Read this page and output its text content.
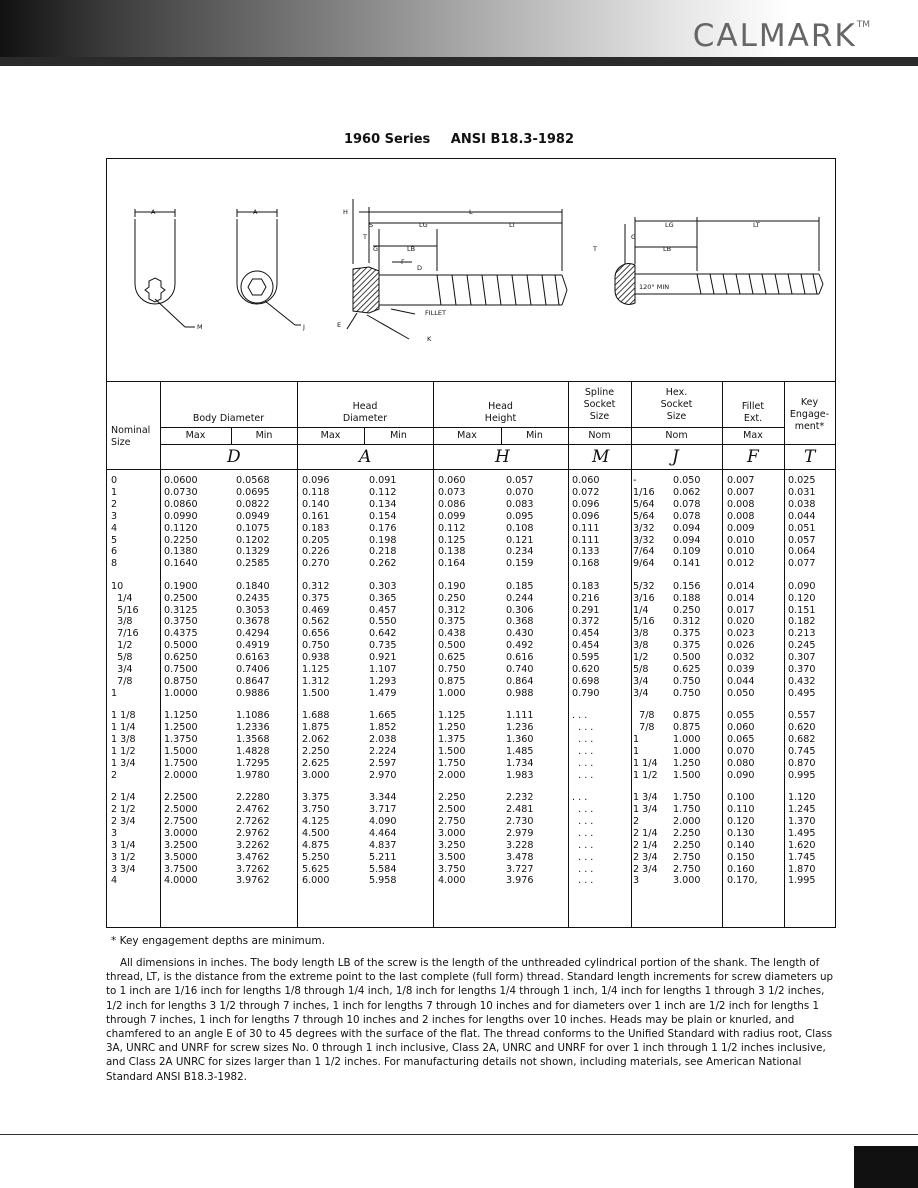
CALMARK™
1960 Series ANSI B18.3-1982
A
M
A
J
H	L
S	LG	LT
T
G	LB
F
D
E
FILLET
K
G
T
LG	LT
LB
120° MIN
Nominal
Size
Body Diameter
Head
Diameter
Head
Height
Spline
Socket
Size
Hex.
Socket
Size
Fillet
Ext.
Key
Engage-
ment*
Max	Min	Max	Min	Max	Min	Nom	Nom	Max
D	A	H	M	J	F	T
0	0.0600	0.0568	0.096	0.091	0.060	0.057	0.060	-	0.050	0.007	0.025
1	0.0730	0.0695	0.118	0.112	0.073	0.070	0.072	1/16 0.062	0.007	0.031
2	0.0860	0.0822	0.140	0.134	0.086	0.083	0.096	5/64 0.078	0.008	0.038
3	0.0990	0.0949	0.161	0.154	0.099	0.095	0.096	5/64 0.078	0.008	0.044
4	0.1120	0.1075	0.183	0.176	0.112	0.108	0.111	3/32 0.094	0.009	0.051
5	0.2250	0.1202	0.205	0.198	0.125	0.121	0.111	3/32 0.094	0.010	0.057
6	0.1380	0.1329	0.226	0.218	0.138	0.234	0.133	7/64 0.109	0.010	0.064
8	0.1640	0.2585	0.270	0.262	0.164	0.159	0.168	9/64 0.141	0.012	0.077
10	0.1900	0.1840	0.312	0.303	0.190	0.185	0.183	5/32 0.156	0.014	0.090
1/4	0.2500	0.2435	0.375	0.365	0.250	0.244	0.216	3/16 0.188	0.014	0.120
5/16	0.3125	0.3053	0.469	0.457	0.312	0.306	0.291	1/4	0.250	0.017	0.151
3/8	0.3750	0.3678	0.562	0.550	0.375	0.368	0.372	5/16 0.312	0.020	0.182
7/16	0.4375	0.4294	0.656	0.642	0.438	0.430	0.454	3/8	0.375	0.023	0.213
1/2	0.5000	0.4919	0.750	0.735	0.500	0.492	0.454	3/8	0.375	0.026	0.245
5/8	0.6250	0.6163	0.938	0.921	0.625	0.616	0.595	1/2	0.500	0.032	0.307
3/4	0.7500	0.7406	1.125	1.107	0.750	0.740	0.620	5/8	0.625	0.039	0.370
7/8	0.8750	0.8647	1.312	1.293	0.875	0.864	0.698	3/4	0.750	0.044	0.432
1	1.0000	0.9886	1.500	1.479	1.000	0.988	0.790	3/4	0.750	0.050	0.495
1 1/8	1.1250	1.1086	1.688	1.665	1.125	1.111	. . .	7/8 0.875	0.055	0.557
1 1/4	1.2500	1.2336	1.875	1.852	1.250	1.236	. . .	7/8 0.875	0.060	0.620
1 3/8	1.3750	1.3568	2.062	2.038	1.375	1.360	. . .	1	1.000	0.065	0.682
1 1/2	1.5000	1.4828	2.250	2.224	1.500	1.485	. . .	1	1.000	0.070	0.745
1 3/4	1.7500	1.7295	2.625	2.597	1.750	1.734	. . .	1 1/4 1.250	0.080	0.870
2	2.0000	1.9780	3.000	2.970	2.000	1.983	. . .	1 1/2 1.500	0.090	0.995
2 1/4	2.2500	2.2280	3.375	3.344	2.250	2.232	. . .	1 3/4 1.750	0.100	1.120
2 1/2	2.5000	2.4762	3.750	3.717	2.500	2.481	. . .	1 3/4 1.750	0.110	1.245
2 3/4	2.7500	2.7262	4.125	4.090	2.750	2.730	. . .	2	2.000	0.120	1.370
3	3.0000	2.9762	4.500	4.464	3.000	2.979	. . .	2 1/4 2.250	0.130	1.495
3 1/4	3.2500	3.2262	4.875	4.837	3.250	3.228	. . .	2 1/4 2.250	0.140	1.620
3 1/2	3.5000	3.4762	5.250	5.211	3.500	3.478	. . .	2 3/4 2.750	0.150	1.745
3 3/4	3.7500	3.7262	5.625	5.584	3.750	3.727	. . .	2 3/4 2.750	0.160	1.870
4	4.0000	3.9762	6.000	5.958	4.000	3.976	. . .	3	3.000	0.170,	1.995
* Key engagement depths are minimum.

All dimensions in inches. The body length LB of the screw is the length of the unthreaded cylindrical portion of the shank. The length of thread, LT, is the distance from the extreme point to the last complete (full form) thread. Standard length increments for screw diameters up to 1 inch are 1/16 inch for lengths 1/8 through 1/4 inch, 1/8 inch for lengths 1/4 through 1 inch, 1/4 inch for lengths 1 through 3 1/2 inches, 1/2 inch for lengths 3 1/2 through 7 inches, 1 inch for lengths 7 through 10 inches and for diameters over 1 inch are 1/2 inch for lengths 1 through 7 inches, 1 inch for lengths 7 through 10 inches and 2 inches for lengths over 10 inches. Heads may be plain or knurled, and chamfered to an angle E of 30 to 45 degrees with the surface of the flat. The thread conforms to the Unified Standard with radius root, Class 3A, UNRC and UNRF for screw sizes No. 0 through 1 inch inclusive, Class 2A, UNRC and UNRF for over 1 inch through 1 1/2 inches inclusive, and Class 2A UNRC for sizes larger than 1 1/2 inches. For manufacturing details not shown, including materials, see American National Standard ANSI B18.3-1982.
